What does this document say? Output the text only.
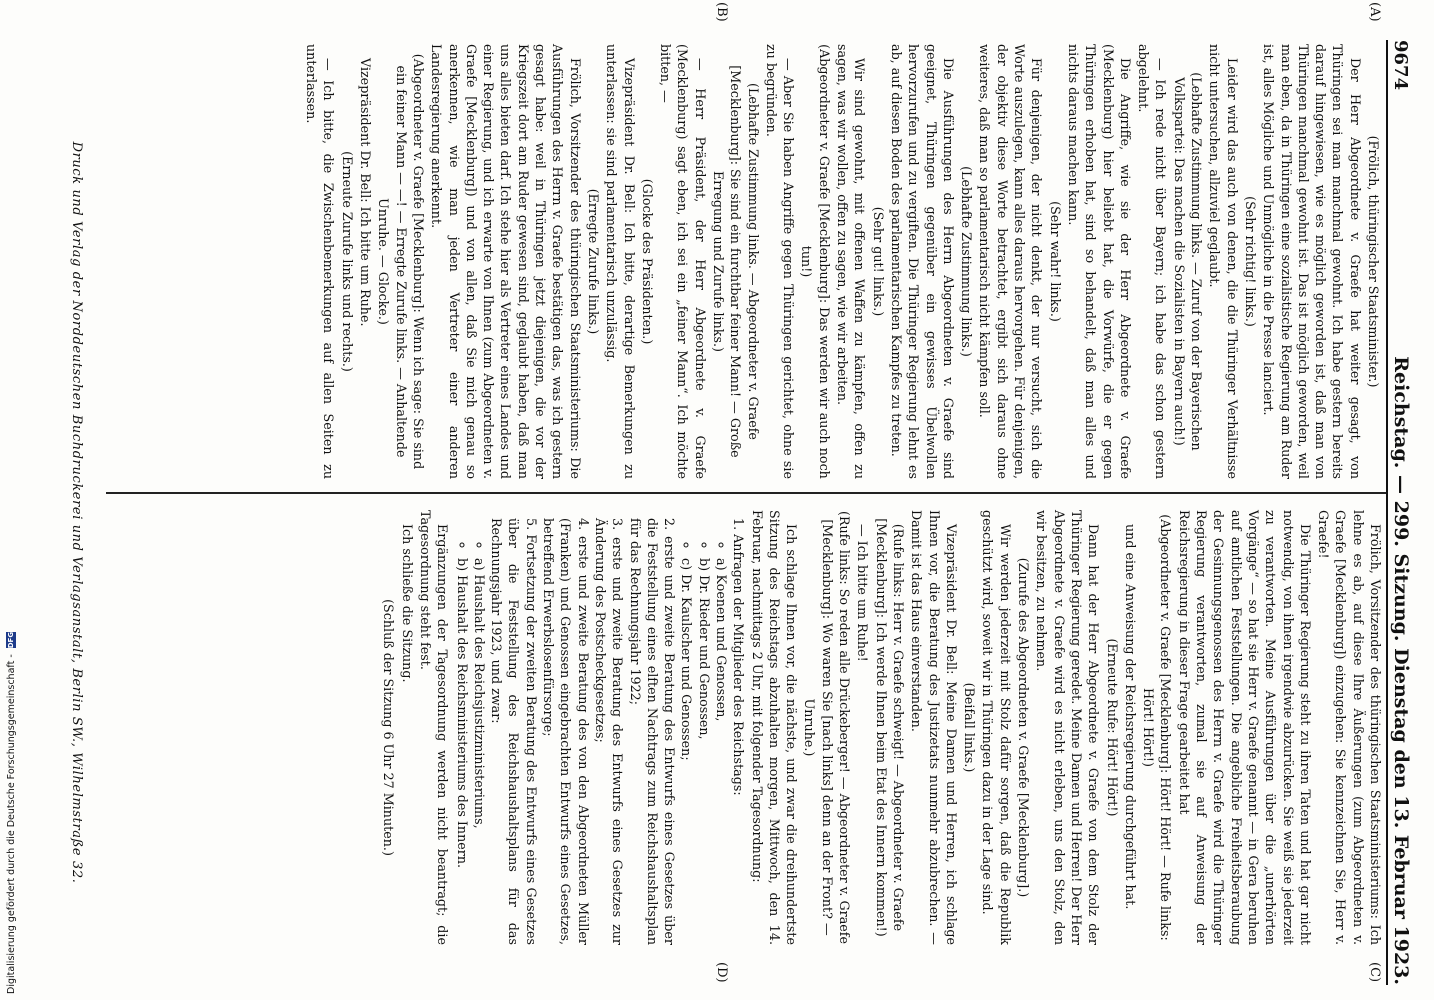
9674
Reichstag. — 299. Sitzung. Dienstag den 13. Februar 1923.
(A)
(B)
(C)
(D)

(Frölich, thüringischer Staatsminister.)

Der Herr Abgeordnete v. Graefe hat weiter gesagt, von Thüringen sei man manchmal gewohnt. Ich habe gestern bereits darauf hingewiesen, wie es möglich geworden ist, daß man von Thüringen manchmal gewohnt ist. Das ist möglich geworden, weil man eben, da in Thüringen eine sozialistische Regierung am Ruder ist, alles Mögliche und Unmögliche in die Presse lanciert.

(Sehr richtig! links.)

Leider wird das auch von denen, die die Thüringer Verhältnisse nicht untersuchen, allzuviel geglaubt.

(Lebhafte Zustimmung links. — Zuruf von der Bayerischen Volkspartei: Das machen die Sozialisten in Bayern auch!)

— Ich rede nicht über Bayern; ich habe das schon gestern abgelehnt.

Die Angriffe, wie sie der Herr Abgeordnete v. Graefe (Mecklenburg) hier beliebt hat, die Vorwürfe, die er gegen Thüringen erhoben hat, sind so behandelt, daß man alles und nichts daraus machen kann.

(Sehr wahr! links.)

Für denjenigen, der nicht denkt, der nur versucht, sich die Worte auszulegen, kann alles daraus hervorgehen. Für denjenigen, der objektiv diese Worte betrachtet, ergibt sich daraus ohne weiteres, daß man so parlamentarisch nicht kämpfen soll.

(Lebhafte Zustimmung links.)

Die Ausführungen des Herrn Abgeordneten v. Graefe sind geeignet, Thüringen gegenüber ein gewisses Übelwollen hervorzurufen und zu vergiften. Die Thüringer Regierung lehnt es ab, auf diesen Boden des parlamentarischen Kampfes zu treten.

(Sehr gut! links.)

Wir sind gewohnt, mit offenen Waffen zu kämpfen, offen zu sagen, was wir wollen, offen zu sagen, wie wir arbeiten.

(Abgeordneter v. Graefe [Mecklenburg]: Das werden wir auch noch tun!)

— Aber Sie haben Angriffe gegen Thüringen gerichtet, ohne sie zu begründen.

(Lebhafte Zustimmung links. — Abgeordneter v. Graefe [Mecklenburg]: Sie sind ein furchtbar feiner Mann! — Große Erregung und Zurufe links.)

— Herr Präsident, der Herr Abgeordnete v. Graefe (Mecklenburg) sagt eben, ich sei ein „feiner Mann“. Ich möchte bitten, —

(Glocke des Präsidenten.)

Vizepräsident Dr. Bell: Ich bitte, derartige Bemerkungen zu unterlassen: sie sind parlamentarisch unzulässig.

(Erregte Zurufe links.)

Frölich, Vorsitzender des thüringischen Staatsministeriums: Die Ausführungen des Herrn v. Graefe bestätigen das, was ich gestern gesagt habe: weil in Thüringen jetzt diejenigen, die vor der Kriegszeit dort am Ruder gewesen sind, geglaubt haben, daß man uns alles bieten darf. Ich stehe hier als Vertreter eines Landes und einer Regierung, und ich erwarte von Ihnen (zum Abgeordneten v. Graefe [Mecklenburg]) und von allen, daß Sie mich genau so anerkennen, wie man jeden Vertreter einer anderen Landesregierung anerkennt.

(Abgeordneter v. Graefe [Mecklenburg]: Wenn ich sage: Sie sind ein feiner Mann — —! — Erregte Zurufe links. — Anhaltende Unruhe. — Glocke.)

Vizepräsident Dr. Bell: Ich bitte um Ruhe.

(Erneute Zurufe links und rechts.)

— Ich bitte, die Zwischenbemerkungen auf allen Seiten zu unterlassen.

Frölich, Vorsitzender des thüringischen Staatsministeriums: Ich lehne es ab, auf diese Ihre Äußerungen (zum Abgeordneten v. Graefe [Mecklenburg]) einzugehen: Sie kennzeichnen Sie, Herr v. Graefe!

Die Thüringer Regierung steht zu ihren Taten und hat gar nicht notwendig, von ihnen irgendwie abzurücken. Sie weiß sie jederzeit zu verantworten. Meine Ausführungen über die „unerhörten Vorgänge“ — so hat sie Herr v. Graefe genannt — in Gera beruhen auf amtlichen Feststellungen. Die angebliche Freiheitsberaubung der Gesinnungsgenossen des Herrn v. Graefe wird die Thüringer Regierung verantworten, zumal sie auf Anweisung der Reichsregierung in dieser Frage gearbeitet hat

(Abgeordneter v. Graefe [Mecklenburg]: Hört! Hört! — Rufe links: Hört! Hört!)

und eine Anweisung der Reichsregierung durchgeführt hat.

(Erneute Rufe: Hört! Hört!)

Dann hat der Herr Abgeordnete v. Graefe von dem Stolz der Thüringer Regierung geredet. Meine Damen und Herren! Der Herr Abgeordnete v. Graefe wird es nicht erleben, uns den Stolz, den wir besitzen, zu nehmen.

(Zurufe des Abgeordneten v. Graefe [Mecklenburg].)

Wir werden jederzeit mit Stolz dafür sorgen, daß die Republik geschützt wird, soweit wir in Thüringen dazu in der Lage sind.

(Beifall links.)

Vizepräsident Dr. Bell: Meine Damen und Herren, ich schlage Ihnen vor, die Beratung des Justizetats nunmehr abzubrechen. — Damit ist das Haus einverstanden.

(Rufe links: Herr v. Graefe schweigt! — Abgeordneter v. Graefe [Mecklenburg]: Ich werde Ihnen beim Etat des Innern kommen!)

— Ich bitte um Ruhe!

(Rufe links: So reden alle Drückeberger! — Abgeordneter v. Graefe [Mecklenburg]: Wo waren Sie [nach links] denn an der Front? — Unruhe.)

Ich schlage Ihnen vor, die nächste, und zwar die dreihundertste Sitzung des Reichstags abzuhalten morgen, Mittwoch, den 14. Februar, nachmittags 2 Uhr, mit folgender Tagesordnung:

1. Anfragen der Mitglieder des Reichstags:
◦ a) Koenen und Genossen,
◦ b) Dr. Rieder und Genossen,
◦ c) Dr. Kaulscher und Genossen;
2. erste und zweite Beratung des Entwurfs eines Gesetzes über die Feststellung eines elften Nachtrags zum Reichshaushaltsplan für das Rechnungsjahr 1922;
3. erste und zweite Beratung des Entwurfs eines Gesetzes zur Änderung des Postscheckgesetzes;
4. erste und zweite Beratung des von den Abgeordneten Müller (Franken) und Genossen eingebrachten Entwurfs eines Gesetzes, betreffend Erwerbslosenfürsorge;
5. Fortsetzung der zweiten Beratung des Entwurfs eines Gesetzes über die Feststellung des Reichshaushaltsplans für das Rechnungsjahr 1923, und zwar:
◦ a) Haushalt des Reichsjustizministeriums,
◦ b) Haushalt des Reichsministeriums des Innern.

Ergänzungen der Tagesordnung werden nicht beantragt; die Tagesordnung steht fest.

Ich schließe die Sitzung.

(Schluß der Sitzung 6 Uhr 27 Minuten.)

Druck und Verlag der Norddeutschen Buchdruckerei und Verlagsanstalt, Berlin SW., Wilhelmstraße 32.
Digitalisierung gefördert durch die Deutsche Forschungsgemeinschaft -
DFG
